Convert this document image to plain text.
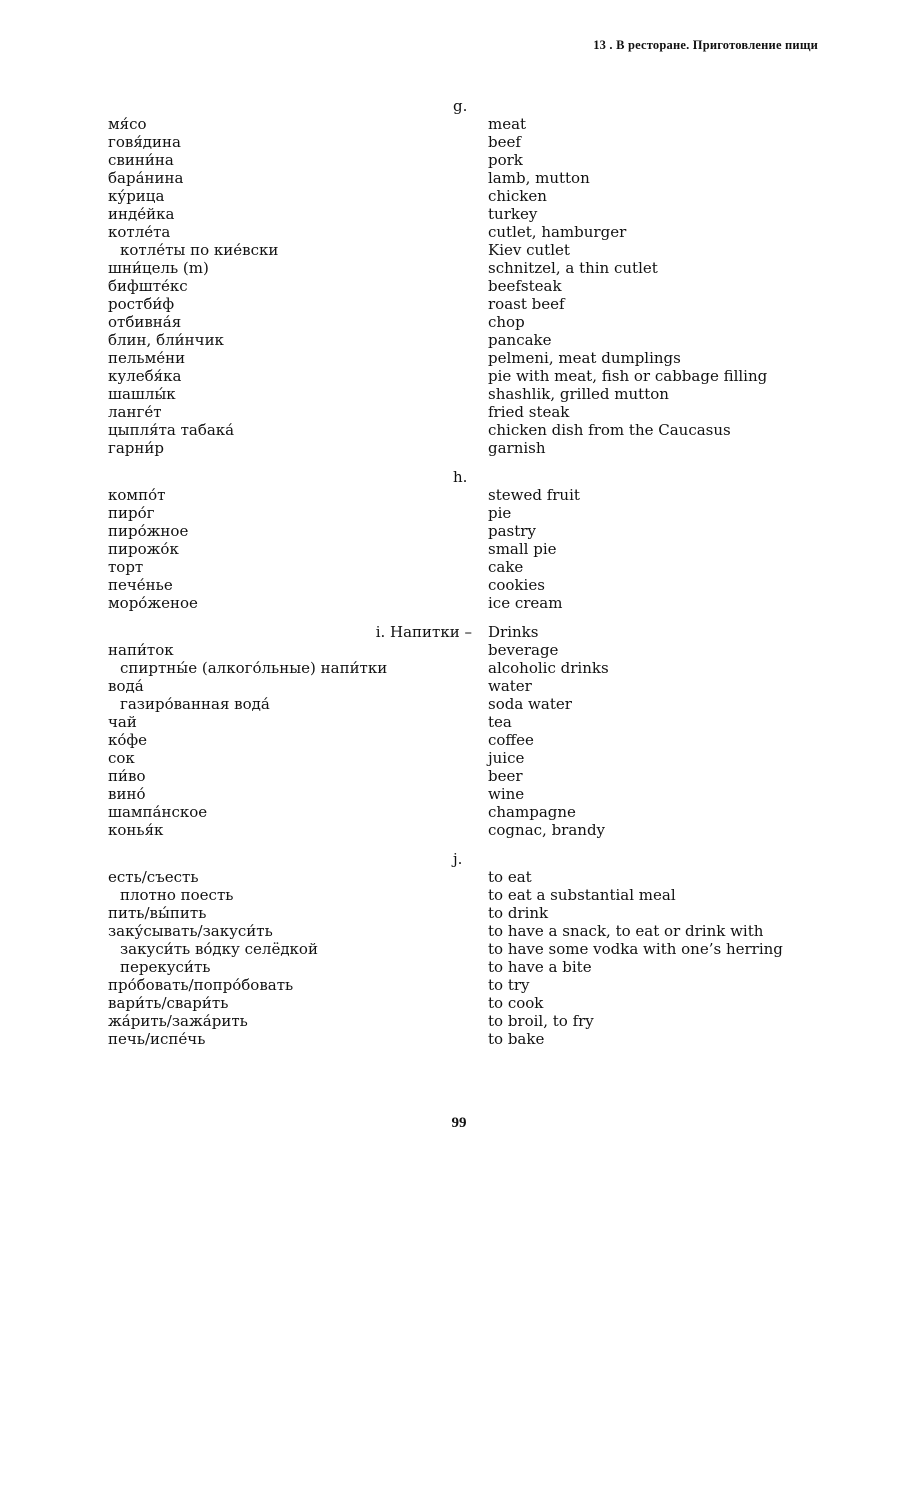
13 . В ресторане. Приготовление пищи
g.
мя́со	meat
говя́дина	beef
свини́на	pork
бара́нина	lamb, mutton
ку́рица	chicken
инде́йка	turkey
котле́та	cutlet, hamburger
котле́ты по кие́вски	Kiev cutlet
шни́цель (m)	schnitzel, a thin cutlet
бифште́кс	beefsteak
ростби́ф	roast beef
отбивна́я	chop
блин, бли́нчик	pancake
пельме́ни	pelmeni, meat dumplings
кулебя́ка	pie with meat, fish or cabbage filling
шашлы́к	shashlik, grilled mutton
ланге́т	fried steak
цыпля́та табака́	chicken dish from the Caucasus
гарни́р	garnish
h.
компо́т	stewed fruit
пиро́г	pie
пиро́жное	pastry
пирожо́к	small pie
торт	cake
пече́нье	cookies
моро́женое	ice cream
i. Напитки – Drinks
напи́ток	beverage
спиртны́е (алкого́льные) напи́тки	alcoholic drinks
вода́	water
газиро́ванная вода́	soda water
чай	tea
ко́фе	coffee
сок	juice
пи́во	beer
вино́	wine
шампа́нское	champagne
конья́к	cognac, brandy
j.
есть/съесть	to eat
плотно поесть	to eat a substantial meal
пить/вы́пить	to drink
заку́сывать/закуси́ть	to have a snack, to eat or drink with
закуси́ть во́дку селёдкой	to have some vodka with one’s herring
перекуси́ть	to have a bite
про́бовать/попро́бовать	to try
вари́ть/свари́ть	to cook
жа́рить/зажа́рить	to broil, to fry
печь/испе́чь	to bake
99
